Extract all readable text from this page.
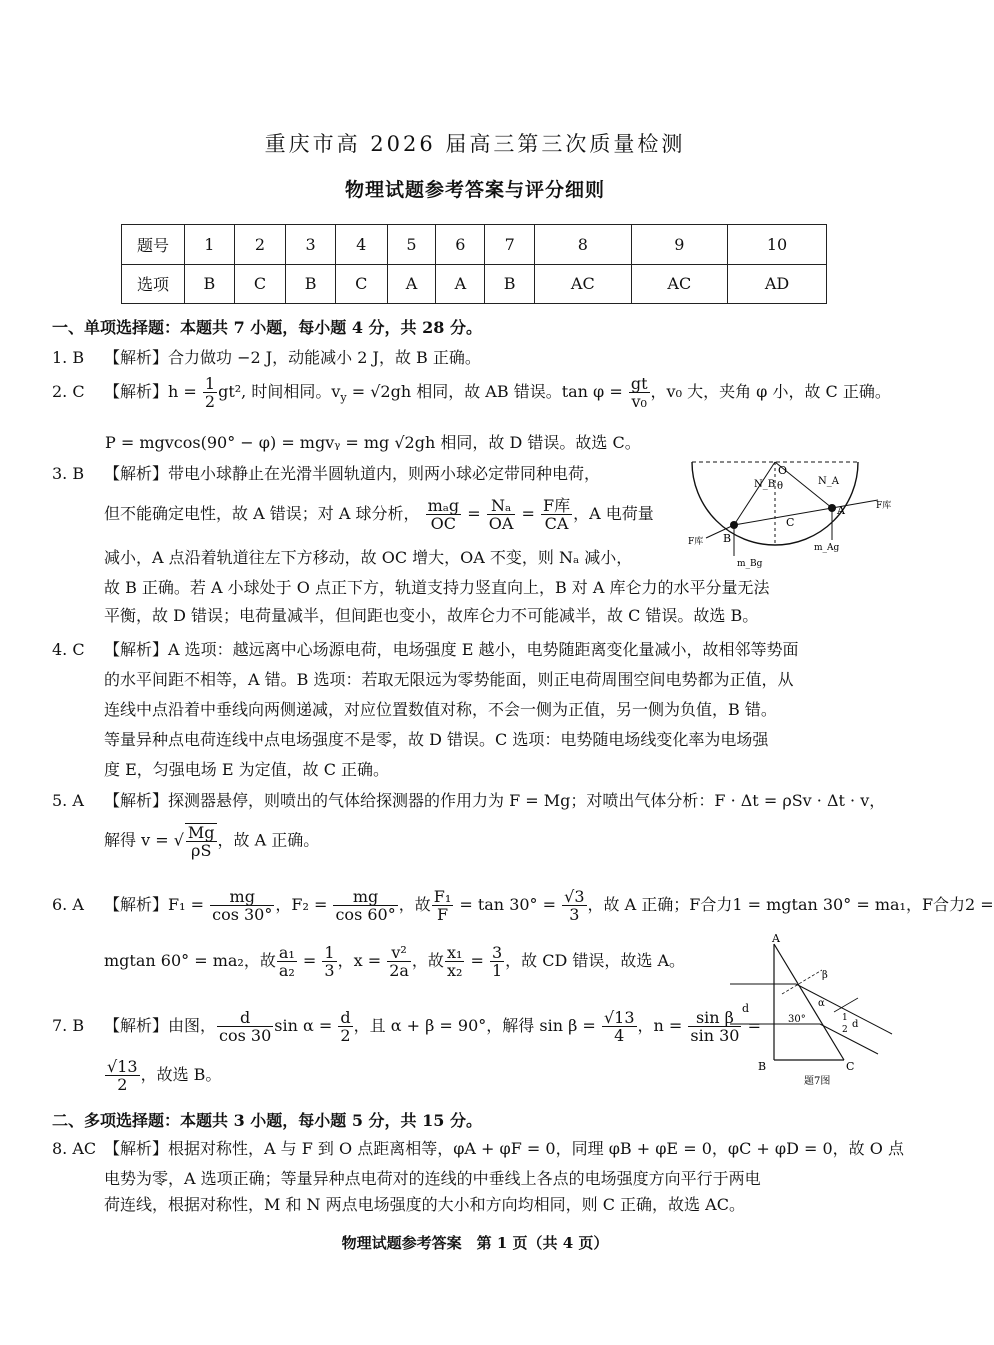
重庆市高 2026 届高三第三次质量检测
物理试题参考答案与评分细则
题号	1	2	3	4	5	6	7	8	9	10
选项	B	C	B	C	A	A	B	AC	AC	AD
一、单项选择题：本题共 7 小题，每小题 4 分，共 28 分。
1. B 【解析】合力做功 −2 J，动能减小 2 J，故 B 正确。
2. C 【解析】$h = \frac{1}{2} gt^2$, 时间相同。$v_y = √2gh$ 相同，故 AB 错误。$\tan \varphi = \frac{gt}{\text{v₀}}$ ，v₀ 大，夹角 φ 小，故 C 正确。
P = mgvcos(90° − φ) = mgvᵧ = mg √2gh 相同，故 D 错误。故选 C。
3. B 【解析】带电小球静止在光滑半圆轨道内，则两小球必定带同种电荷，
但不能确定电性，故 A 错误；对 A 球分析， $\frac{\text{mₐg}}{OC} = \frac{\text{Nₐ}}{OA} = \frac{\text{F库}}{CA}$ ，A 电荷量
减小，A 点沿着轨道往左下方移动，故 OC 增大，OA 不变，则 Nₐ 减小，
故 B 正确。若 A 小球处于 O 点正下方，轨道支持力竖直向上，B 对 A 库仑力的水平分量无法
平衡，故 D 错误；电荷量减半，但间距也变小，故库仑力不可能减半，故 C 错误。故选 B。
O
θ
N_B	N_A
F库
A
B
C
F库
m_Bg
m_Ag
4. C 【解析】A 选项：越远离中心场源电荷，电场强度 E 越小，电势随距离变化量减小，故相邻等势面
的水平间距不相等，A 错。B 选项：若取无限远为零势能面，则正电荷周围空间电势都为正值，从
连线中点沿着中垂线向两侧递减，对应位置数值对称，不会一侧为正值，另一侧为负值，B 错。
等量异种点电荷连线中点电场强度不是零，故 D 错误。C 选项：电势随电场线变化率为电场强
度 E，匀强电场 E 为定值，故 C 正确。
5. A 【解析】探测器悬停，则喷出的气体给探测器的作用力为 F = Mg；对喷出气体分析：F · Δt = ρSv · Δt · v，
解得 v = √ $\frac{Mg}{\rho S}$ ，故 A 正确。
6. A 【解析】$F_1 = \frac{mg}{\cos 30^\circ}$ ，$F_2 = \frac{mg}{\cos 60^\circ}$ ，故 $\frac{\text{F₁}}{F} = \tan 30^\circ = \frac{√3}{3}$ ，故 A 正确；F合力1 = mgtan 30° = ma₁，F合力2 =
mgtan 60° = ma₂，故 $\frac{\text{a₁}}{\text{a₂}} = \frac{1}{3}$ ，$x = \frac{\text{v²}}{2a}$ ，故 $\frac{\text{x₁}}{\text{x₂}} = \frac{3}{1}$ ，故 CD 错误，故选 A。
7. B 【解析】由图， $\frac{d}{\cos 30}$ $\sin \alpha = \frac{d}{2}$ ，且 α + β = 90°，解得 $\sin \beta = \frac{√13}{4}$ ，$n = \frac{\text{sin β}}{\sin 30}$ =
$\frac{√13}{2}$ ，故选 B。
A
B	C
d
30°
α
β
1
2 d
题7图
二、多项选择题：本题共 3 小题，每小题 5 分，共 15 分。
8. AC 【解析】根据对称性，A 与 F 到 O 点距离相等，φA + φF = 0，同理 φB + φE = 0，φC + φD = 0，故 O 点
电势为零，A 选项正确；等量异种点电荷对的连线的中垂线上各点的电场强度方向平行于两电
荷连线，根据对称性，M 和 N 两点电场强度的大小和方向均相同，则 C 正确，故选 AC。
物理试题参考答案　第 1 页（共 4 页）
